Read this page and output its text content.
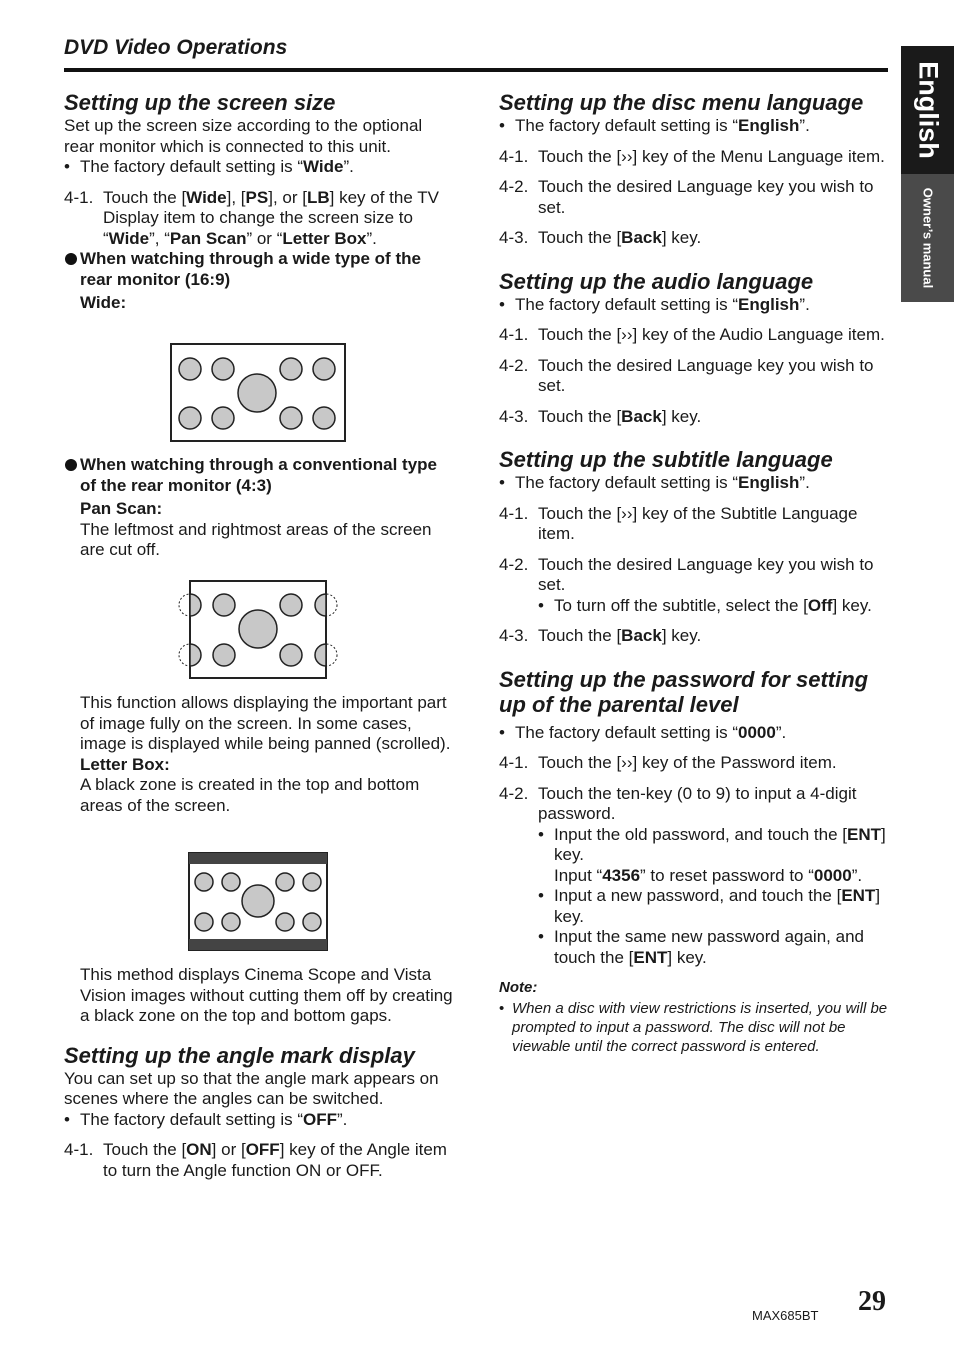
DVD Video Operations
English
Owner’s manual
Setting up the screen size

Set up the screen size according to the optional rear monitor which is connected to this unit.

• The factory default setting is “Wide”.

4-1. Touch the [Wide], [PS], or [LB] key of the TV Display item to change the screen size to “Wide”, “Pan Scan” or “Letter Box”.

When watching through a wide type of the rear monitor (16:9)

Wide:

When watching through a conventional type of the rear monitor (4:3)

Pan Scan:

The leftmost and rightmost areas of the screen are cut off.

This function allows displaying the important part of image fully on the screen. In some cases, image is displayed while being panned (scrolled).

Letter Box:

A black zone is created in the top and bottom areas of the screen.

This method displays Cinema Scope and Vista Vision images without cutting them off by creating a black zone on the top and bottom gaps.

Setting up the angle mark display

You can set up so that the angle mark appears on scenes where the angles can be switched.

• The factory default setting is “OFF”.

4-1. Touch the [ON] or [OFF] key of the Angle item to turn the Angle function ON or OFF.

Setting up the disc menu language

• The factory default setting is “English”.

4-1. Touch the [››] key of the Menu Language item.

4-2. Touch the desired Language key you wish to set.

4-3. Touch the [Back] key.

Setting up the audio language

• The factory default setting is “English”.

4-1. Touch the [››] key of the Audio Language item.

4-2. Touch the desired Language key you wish to set.

4-3. Touch the [Back] key.

Setting up the subtitle language

• The factory default setting is “English”.

4-1. Touch the [››] key of the Subtitle Language item.

4-2. Touch the desired Language key you wish to set.

• To turn off the subtitle, select the [Off] key.

4-3. Touch the [Back] key.

Setting up the password for setting up of the parental level

• The factory default setting is “0000”.

4-1. Touch the [››] key of the Password item.

4-2. Touch the ten-key (0 to 9) to input a 4-digit password.

• Input the old password, and touch the [ENT] key.
Input “4356” to reset password to “0000”.

• Input a new password, and touch the [ENT] key.

• Input the same new password again, and touch the [ENT] key.

Note:

• When a disc with view restrictions is inserted, you will be prompted to input a password. The disc will not be viewable until the correct password is entered.

MAX685BT 29
